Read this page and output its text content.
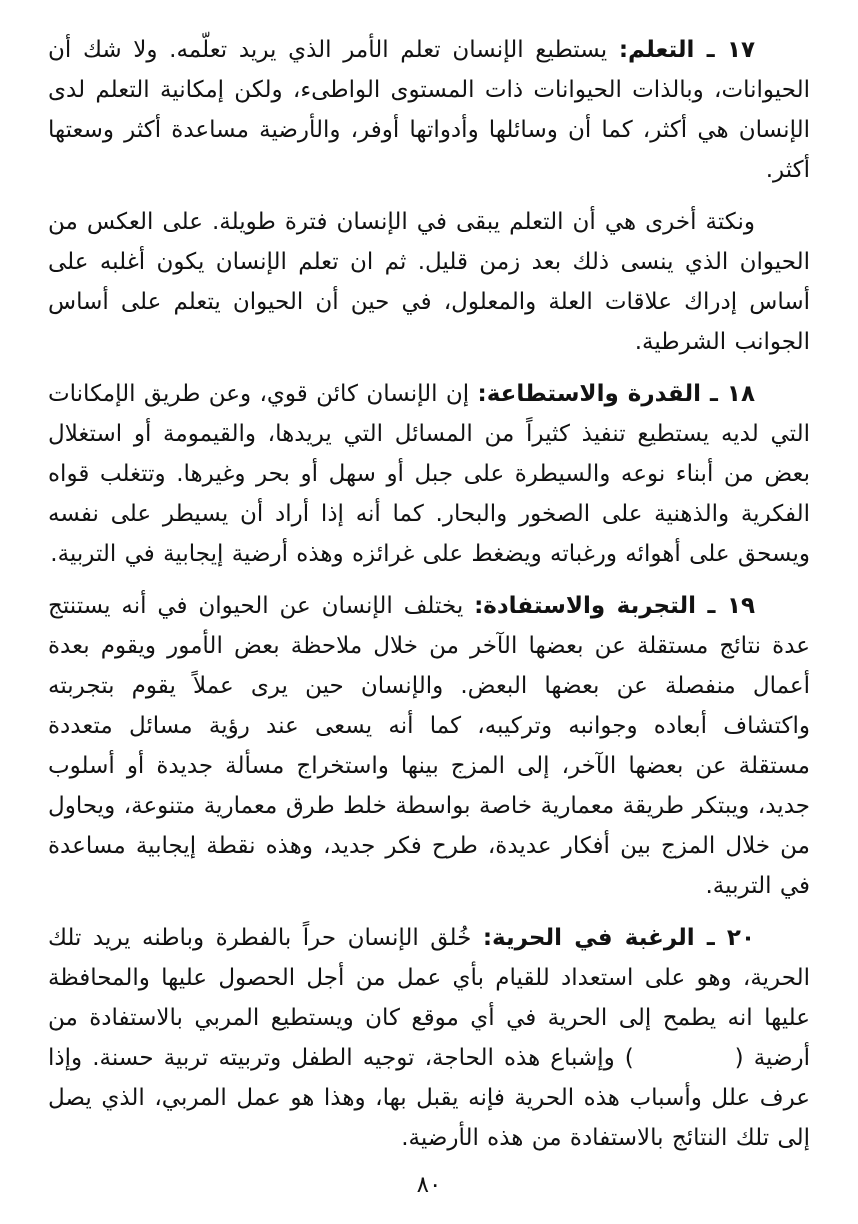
١٧ ـ التعلم: يستطيع الإنسان تعلم الأمر الذي يريد تعلّمه. ولا شك أن الحيوانات، وبالذات الحيوانات ذات المستوى الواطىء، ولكن إمكانية التعلم لدى الإنسان هي أكثر، كما أن وسائلها وأدواتها أوفر، والأرضية مساعدة أكثر وسعتها أكثر.

ونكتة أخرى هي أن التعلم يبقى في الإنسان فترة طويلة. على العكس من الحيوان الذي ينسى ذلك بعد زمن قليل. ثم ان تعلم الإنسان يكون أغلبه على أساس إدراك علاقات العلة والمعلول، في حين أن الحيوان يتعلم على أساس الجوانب الشرطية.

١٨ ـ القدرة والاستطاعة: إن الإنسان كائن قوي، وعن طريق الإمكانات التي لديه يستطيع تنفيذ كثيراً من المسائل التي يريدها، والقيمومة أو استغلال بعض من أبناء نوعه والسيطرة على جبل أو سهل أو بحر وغيرها. وتتغلب قواه الفكرية والذهنية على الصخور والبحار. كما أنه إذا أراد أن يسيطر على نفسه ويسحق على أهوائه ورغباته ويضغط على غرائزه وهذه أرضية إيجابية في التربية.

١٩ ـ التجربة والاستفادة: يختلف الإنسان عن الحيوان في أنه يستنتج عدة نتائج مستقلة عن بعضها الآخر من خلال ملاحظة بعض الأمور ويقوم بعدة أعمال منفصلة عن بعضها البعض. والإنسان حين يرى عملاً يقوم بتجربته واكتشاف أبعاده وجوانبه وتركيبه، كما أنه يسعى عند رؤية مسائل متعددة مستقلة عن بعضها الآخر، إلى المزج بينها واستخراج مسألة جديدة أو أسلوب جديد، ويبتكر طريقة معمارية خاصة بواسطة خلط طرق معمارية متنوعة، ويحاول من خلال المزج بين أفكار عديدة، طرح فكر جديد، وهذه نقطة إيجابية مساعدة في التربية.

٢٠ ـ الرغبة في الحرية: خُلق الإنسان حراً بالفطرة وباطنه يريد تلك الحرية، وهو على استعداد للقيام بأي عمل من أجل الحصول عليها والمحافظة عليها انه يطمح إلى الحرية في أي موقع كان ويستطيع المربي بالاستفادة من أرضية (          ) وإشباع هذه الحاجة، توجيه الطفل وتربيته تربية حسنة. وإذا عرف علل وأسباب هذه الحرية فإنه يقبل بها، وهذا هو عمل المربي، الذي يصل إلى تلك النتائج بالاستفادة من هذه الأرضية.

٨٠
